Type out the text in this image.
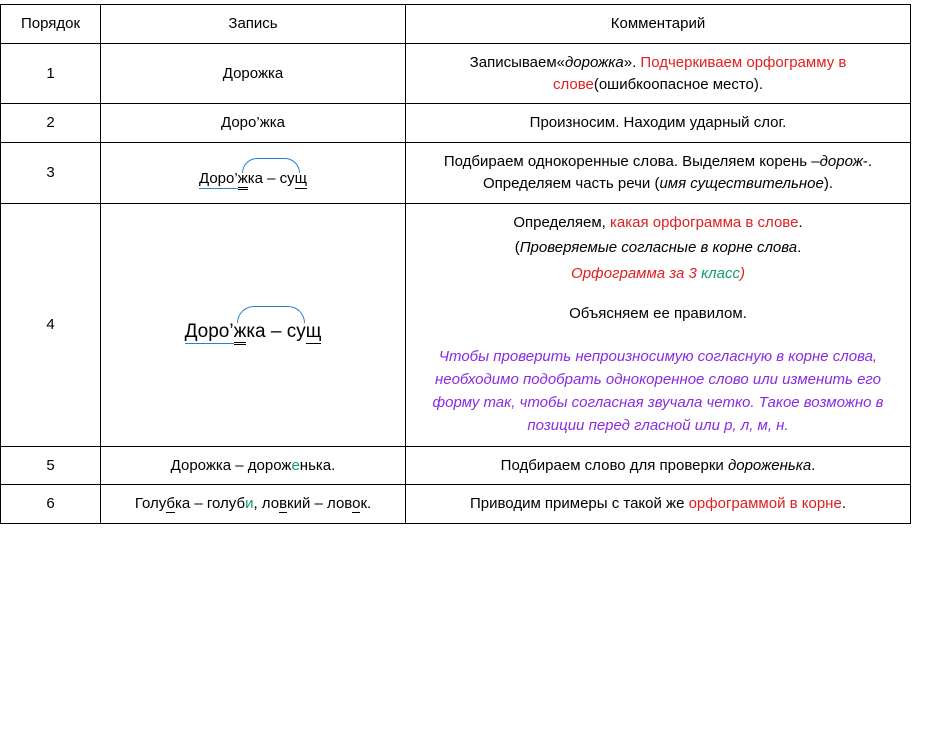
Порядок	Запись	Комментарий
1	Дорожка	Записываем«дорожка». Подчеркиваем орфограмму в слове(ошибкоопасное место).
2	Доро’жка	Произносим. Находим ударный слог.
3	Доро’жка – сущ	Подбираем однокоренные слова. Выделяем корень –дорож-. Определяем часть речи (имя существительное).
4	Доро’жка – сущ	Определяем, какая орфограмма в слове.
(Проверяемые согласные в корне слова.
Орфограмма за 3 класс)
Объясняем ее правилом.
Чтобы проверить непроизносимую согласную в корне слова, необходимо подобрать однокоренное слово или изменить его форму так, чтобы согласная звучала четко. Такое возможно в позиции перед гласной или р, л, м, н.

5	Дорожка – дороженька.	Подбираем слово для проверки дороженька.
6	Голубка – голуби, ловкий – ловок.	Приводим примеры с такой же орфограммой в корне.
